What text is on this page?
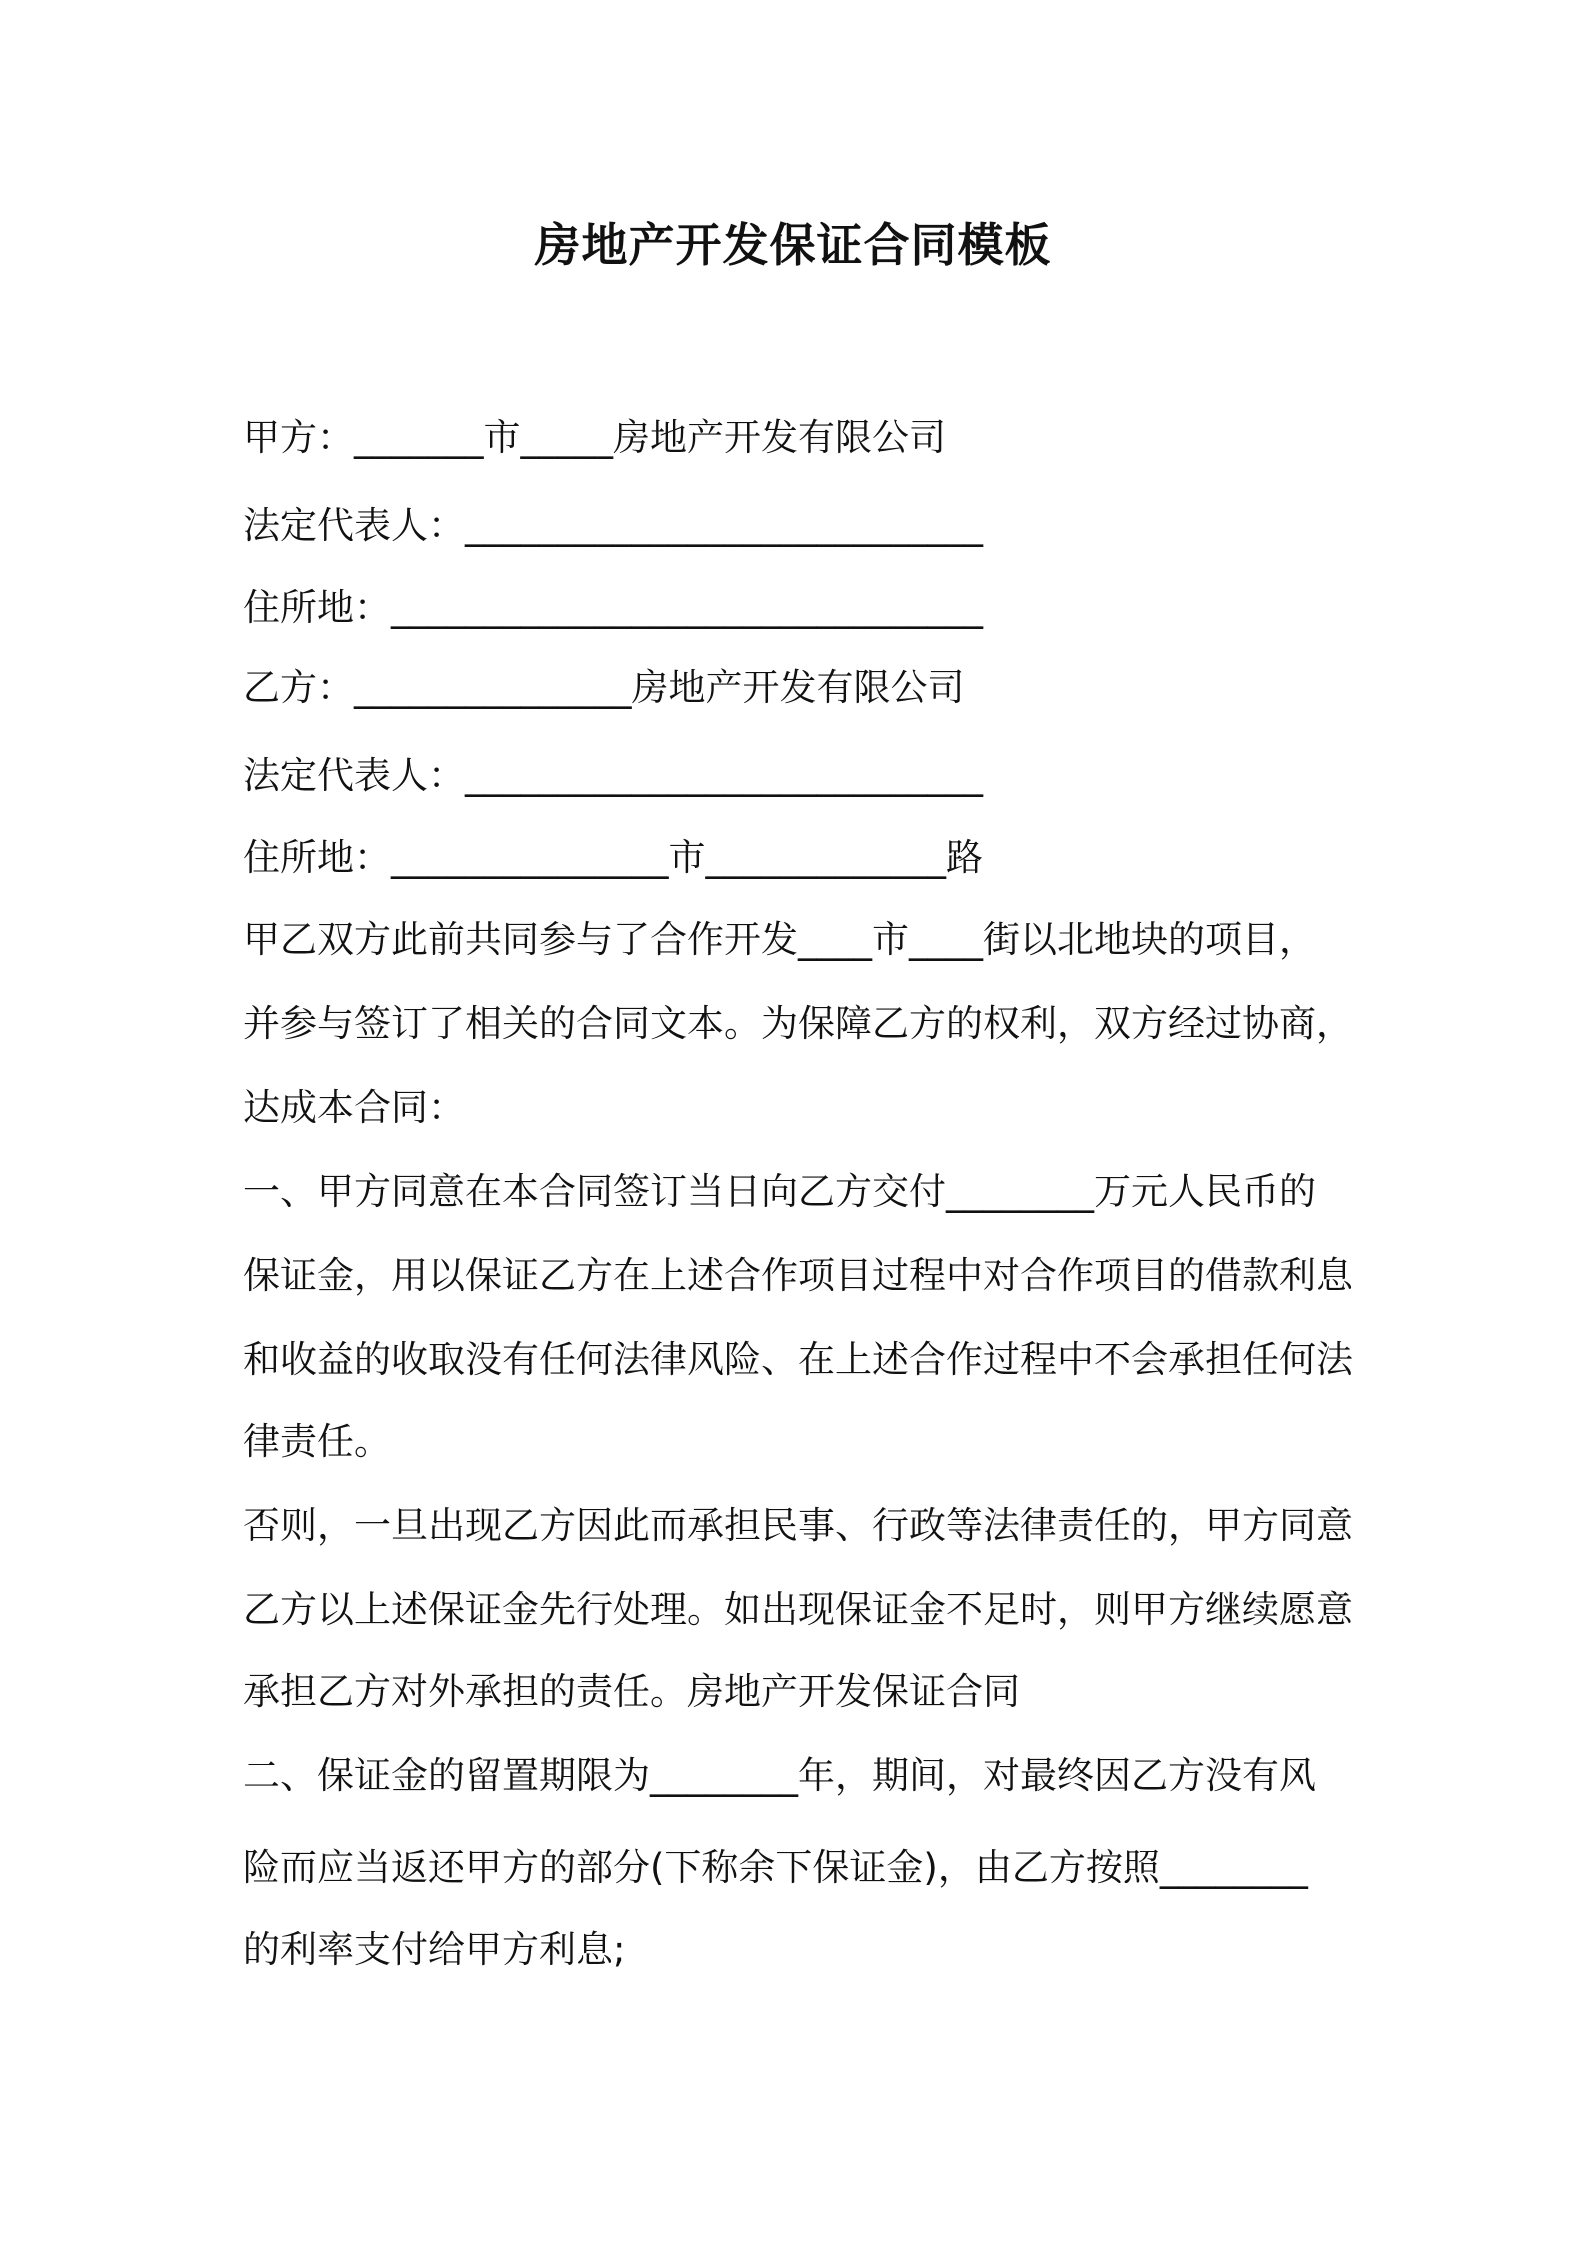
房地产开发保证合同模板
甲方：_______市_____房地产开发有限公司
法定代表人：____________________________
住所地：________________________________
乙方：_______________房地产开发有限公司
法定代表人：____________________________
住所地：_______________市_____________路
甲乙双方此前共同参与了合作开发____市____街以北地块的项目，
并参与签订了相关的合同文本。为保障乙方的权利，双方经过协商，
达成本合同：
一、甲方同意在本合同签订当日向乙方交付________万元人民币的
保证金，用以保证乙方在上述合作项目过程中对合作项目的借款利息
和收益的收取没有任何法律风险、在上述合作过程中不会承担任何法
律责任。
否则，一旦出现乙方因此而承担民事、行政等法律责任的，甲方同意
乙方以上述保证金先行处理。如出现保证金不足时，则甲方继续愿意
承担乙方对外承担的责任。房地产开发保证合同
二、保证金的留置期限为________年，期间，对最终因乙方没有风
险而应当返还甲方的部分(下称余下保证金)，由乙方按照________
的利率支付给甲方利息;
